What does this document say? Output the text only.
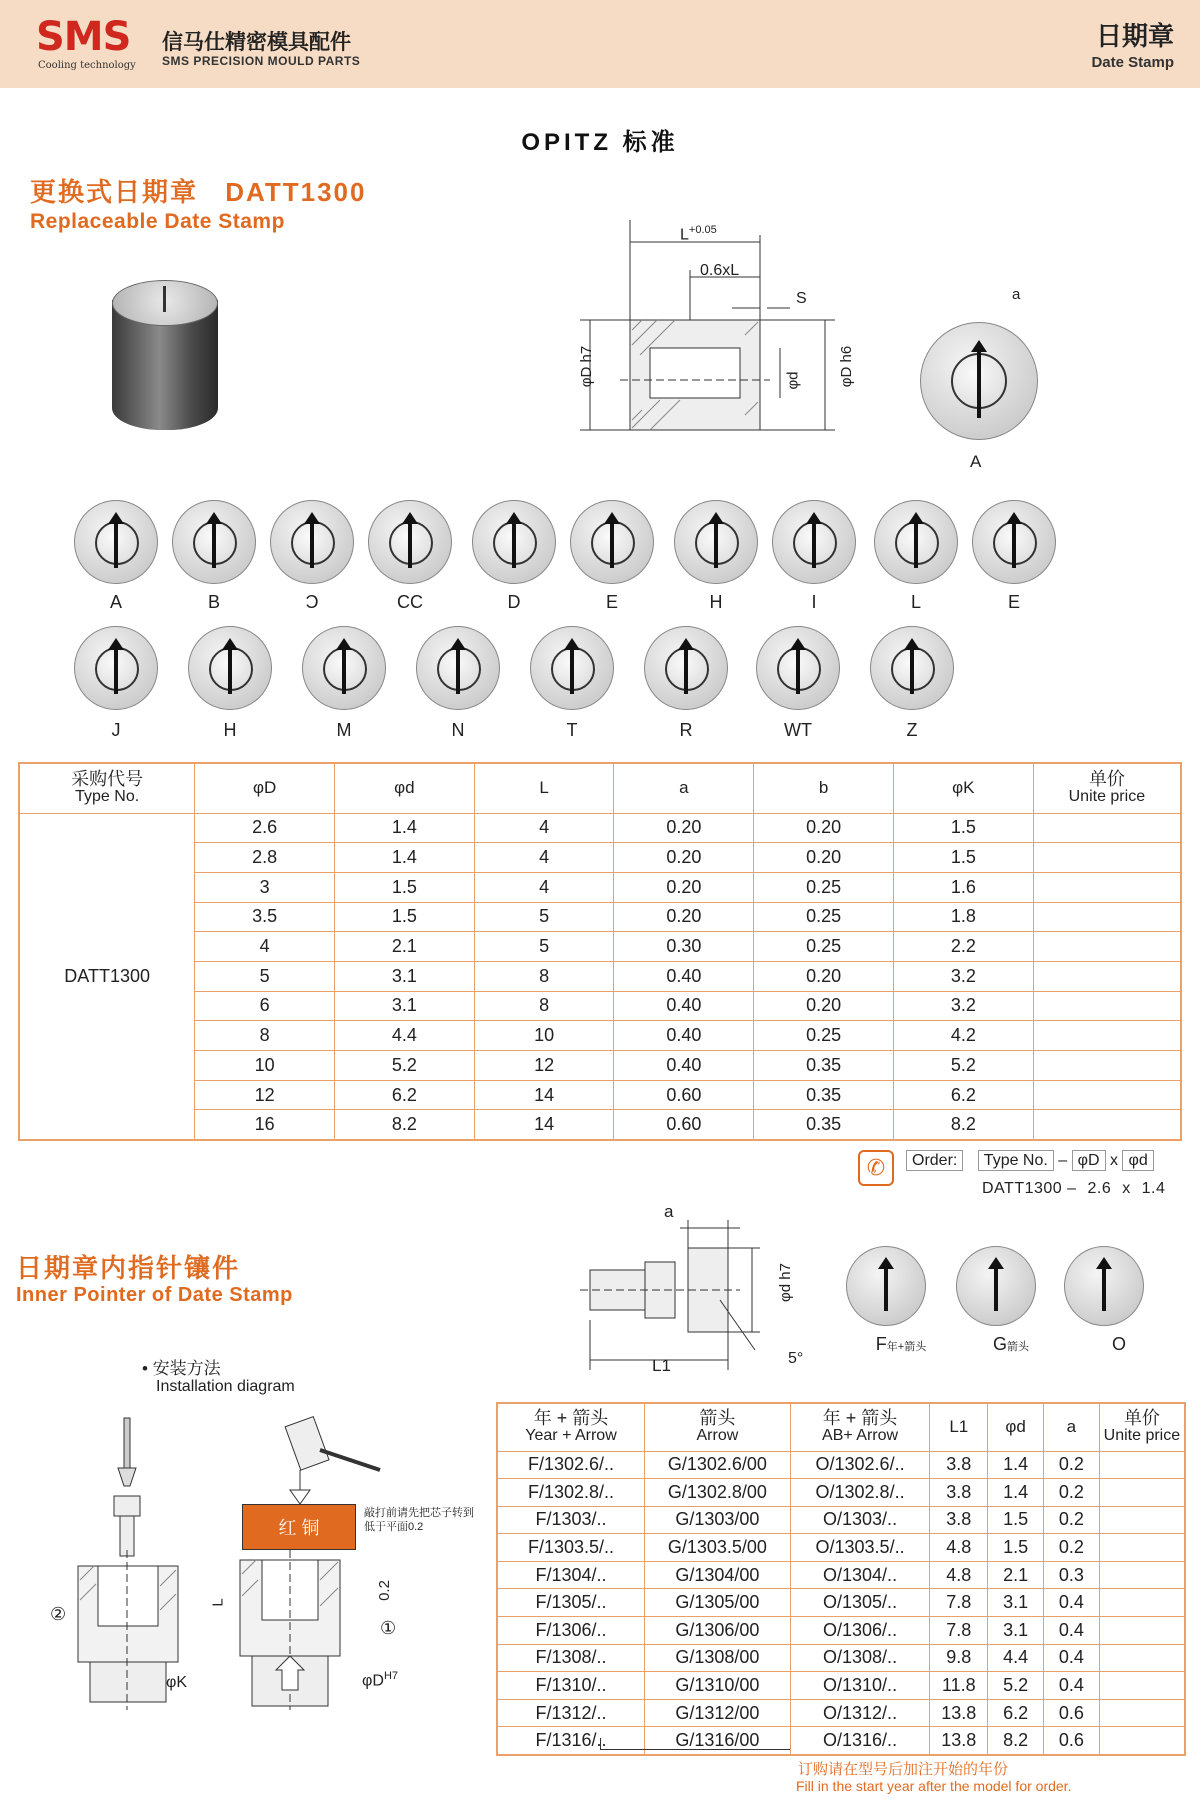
SMS
Cooling technology
信马仕精密模具配件
SMS PRECISION MOULD PARTS
日期章
Date Stamp
OPITZ 标准
更换式日期章 DATT1300
Replaceable Date Stamp
$L^{+0.05}$
0.6xL
S
φD h7	φd φD h6
a
A
A	B	Ɔ	CC	D	E	H	I	L	E
J	H	M	N	T	R	WT	Z
采购代号
Type No.	φD	φd	L	a	b	φK	单价
Unite price

DATT1300	2.6	1.4	4	0.20	0.20	1.5	
	2.8	1.4	4	0.20	0.20	1.5	
	3	1.5	4	0.20	0.25	1.6	
	3.5	1.5	5	0.20	0.25	1.8	
	4	2.1	5	0.30	0.25	2.2	
	5	3.1	8	0.40	0.20	3.2	
	6	3.1	8	0.40	0.20	3.2	
	8	4.4	10	0.40	0.25	4.2	
	10	5.2	12	0.40	0.35	5.2	
	12	6.2	14	0.60	0.35	6.2	
	16	8.2	14	0.60	0.35	8.2	
✆	Order: Type No. – φD x φd
DATT1300 – 2.6 x 1.4
日期章内指针镶件
Inner Pointer of Date Stamp
a
φd h7
L1	5°
F年+箭头	G箭头	O
• 安装方法
Installation diagram
红 铜
敲打前请先把芯子转到低于平面0.2
L
0.2
②
①
φK	$\varphi D^{H7}$
年 + 箭头
Year + Arrow	箭头
Arrow	年 + 箭头
AB+ Arrow	L1	φd	a	单价
Unite price

F/1302.6/..	G/1302.6/00	O/1302.6/..	3.8	1.4	0.2	
F/1302.8/..	G/1302.8/00	O/1302.8/..	3.8	1.4	0.2	
F/1303/..	G/1303/00	O/1303/..	3.8	1.5	0.2	
F/1303.5/..	G/1303.5/00	O/1303.5/..	4.8	1.5	0.2	
F/1304/..	G/1304/00	O/1304/..	4.8	2.1	0.3	
F/1305/..	G/1305/00	O/1305/..	7.8	3.1	0.4	
F/1306/..	G/1306/00	O/1306/..	7.8	3.1	0.4	
F/1308/..	G/1308/00	O/1308/..	9.8	4.4	0.4	
F/1310/..	G/1310/00	O/1310/..	11.8	5.2	0.4	
F/1312/..	G/1312/00	O/1312/..	13.8	6.2	0.6	
F/1316/..	G/1316/00	O/1316/..	13.8	8.2	0.6	
订购请在型号后加注开始的年份
Fill in the start year after the model for order.
